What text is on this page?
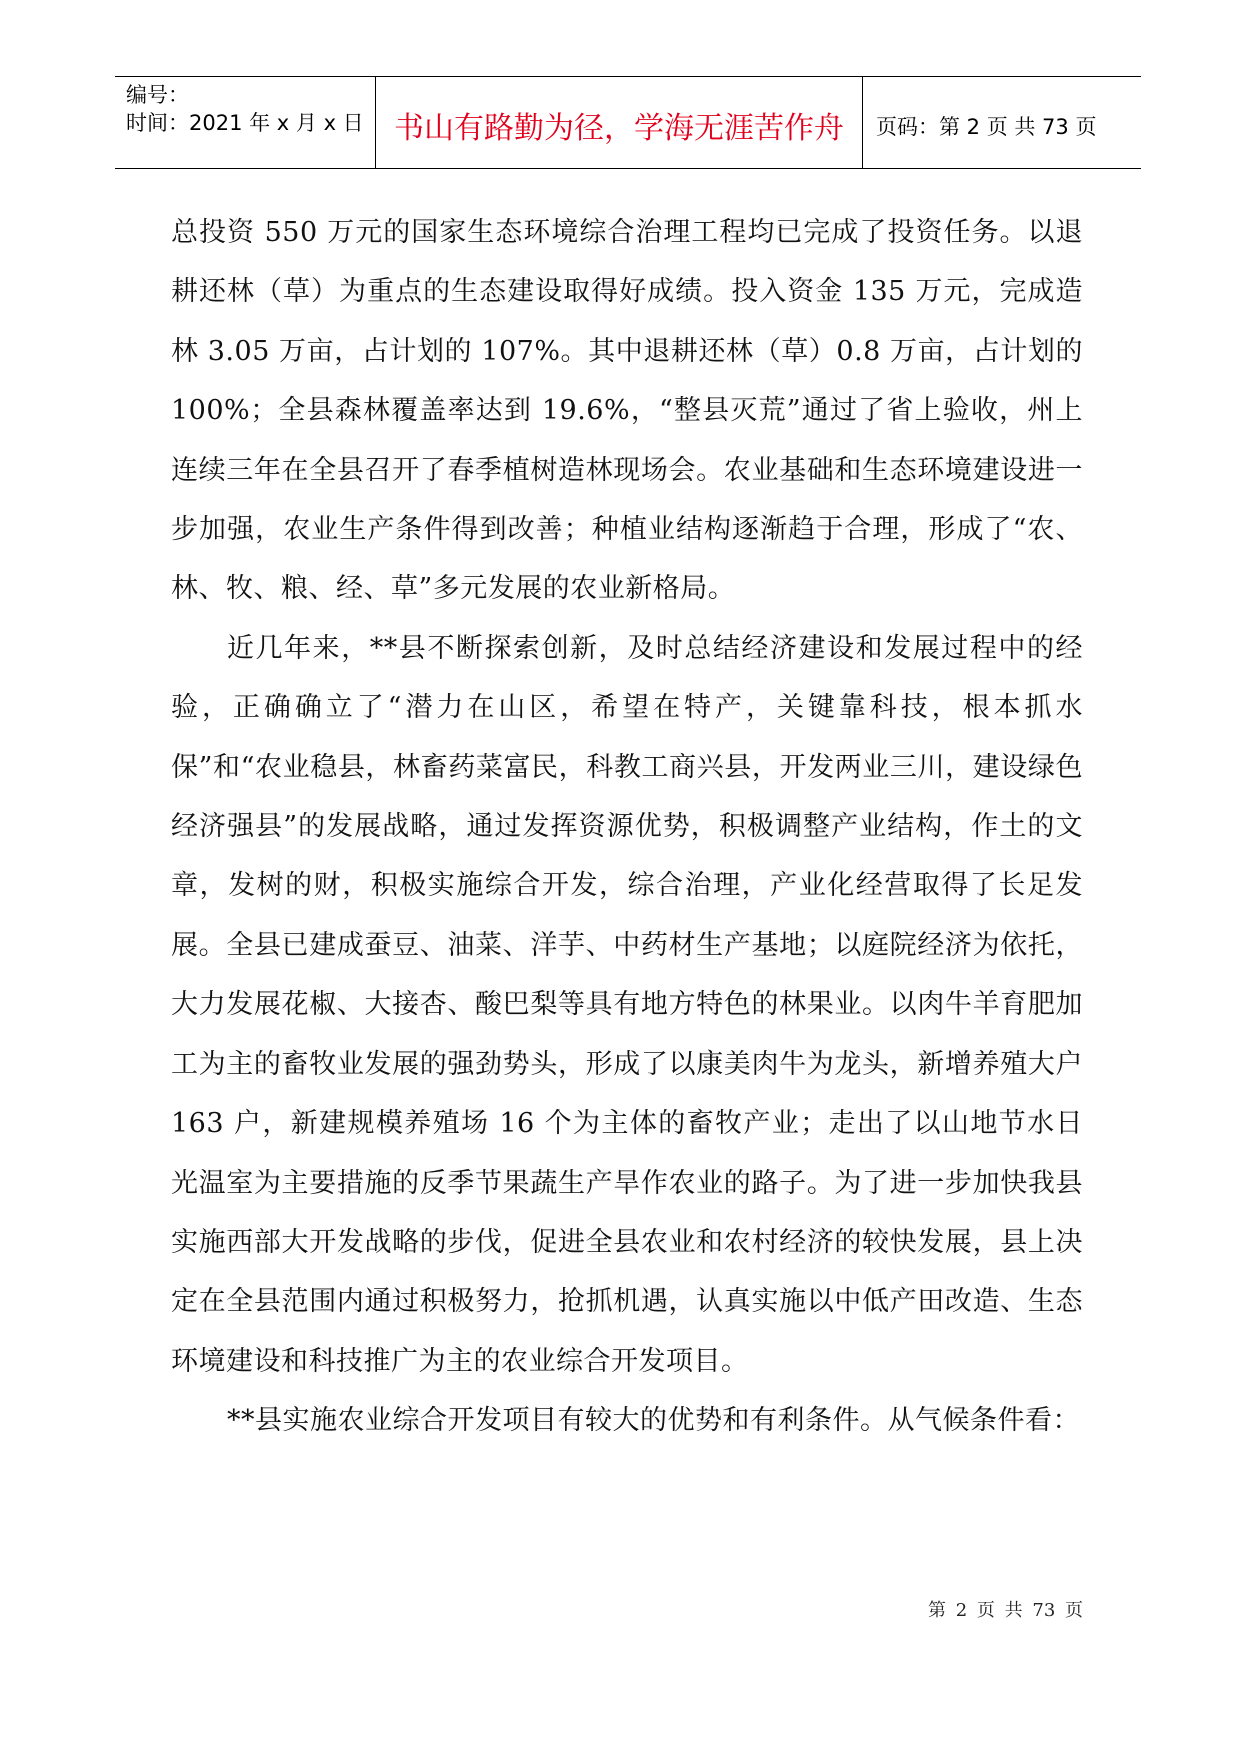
编号：
时间：2021 年 x 月 x 日	书山有路勤为径，学海无涯苦作舟	页码：第 2 页 共 73 页

总投资 550 万元的国家生态环境综合治理工程均已完成了投资任务。以退耕还林（草）为重点的生态建设取得好成绩。投入资金 135 万元，完成造林 3.05 万亩，占计划的 107%。其中退耕还林（草）0.8 万亩，占计划的 100%；全县森林覆盖率达到 19.6%，“整县灭荒”通过了省上验收，州上连续三年在全县召开了春季植树造林现场会。农业基础和生态环境建设进一步加强，农业生产条件得到改善；种植业结构逐渐趋于合理，形成了“农、林、牧、粮、经、草”多元发展的农业新格局。

近几年来，**县不断探索创新，及时总结经济建设和发展过程中的经验，正确确立了“潜力在山区，希望在特产，关键靠科技，根本抓水保”和“农业稳县，林畜药菜富民，科教工商兴县，开发两业三川，建设绿色经济强县”的发展战略，通过发挥资源优势，积极调整产业结构，作土的文章，发树的财，积极实施综合开发，综合治理，产业化经营取得了长足发展。全县已建成蚕豆、油菜、洋芋、中药材生产基地；以庭院经济为依托，大力发展花椒、大接杏、酸巴梨等具有地方特色的林果业。以肉牛羊育肥加工为主的畜牧业发展的强劲势头，形成了以康美肉牛为龙头，新增养殖大户 163 户，新建规模养殖场 16 个为主体的畜牧产业；走出了以山地节水日光温室为主要措施的反季节果蔬生产旱作农业的路子。为了进一步加快我县实施西部大开发战略的步伐，促进全县农业和农村经济的较快发展，县上决定在全县范围内通过积极努力，抢抓机遇，认真实施以中低产田改造、生态环境建设和科技推广为主的农业综合开发项目。

**县实施农业综合开发项目有较大的优势和有利条件。从气候条件看：

第 2 页 共 73 页
